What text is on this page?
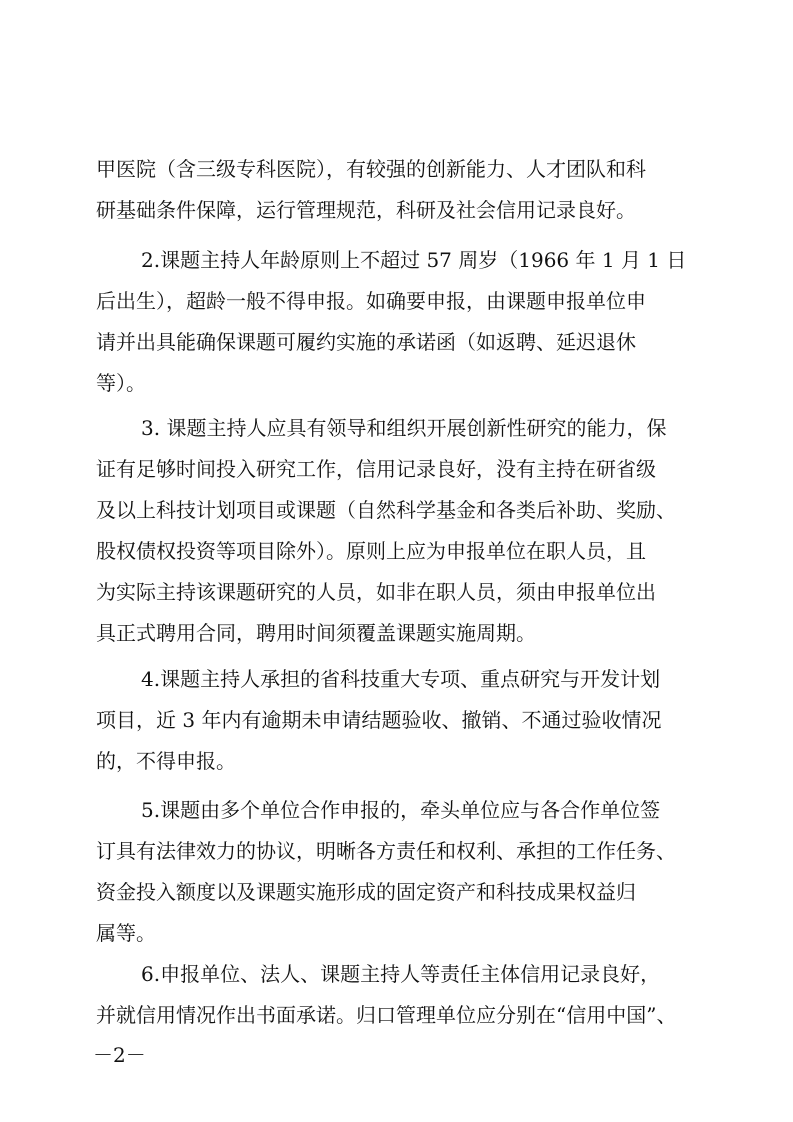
甲医院（含三级专科医院），有较强的创新能力、人才团队和科
研基础条件保障，运行管理规范，科研及社会信用记录良好。
2.课题主持人年龄原则上不超过 57 周岁（1966 年 1 月 1 日
后出生），超龄一般不得申报。如确要申报，由课题申报单位申
请并出具能确保课题可履约实施的承诺函（如返聘、延迟退休
等）。
3. 课题主持人应具有领导和组织开展创新性研究的能力，保
证有足够时间投入研究工作，信用记录良好，没有主持在研省级
及以上科技计划项目或课题（自然科学基金和各类后补助、奖励、
股权债权投资等项目除外）。原则上应为申报单位在职人员，且
为实际主持该课题研究的人员，如非在职人员，须由申报单位出
具正式聘用合同，聘用时间须覆盖课题实施周期。
4.课题主持人承担的省科技重大专项、重点研究与开发计划
项目，近 3 年内有逾期未申请结题验收、撤销、不通过验收情况
的，不得申报。
5.课题由多个单位合作申报的，牵头单位应与各合作单位签
订具有法律效力的协议，明晰各方责任和权利、承担的工作任务、
资金投入额度以及课题实施形成的固定资产和科技成果权益归
属等。
6.申报单位、法人、课题主持人等责任主体信用记录良好，
并就信用情况作出书面承诺。归口管理单位应分别在“信用中国”、
－2－
